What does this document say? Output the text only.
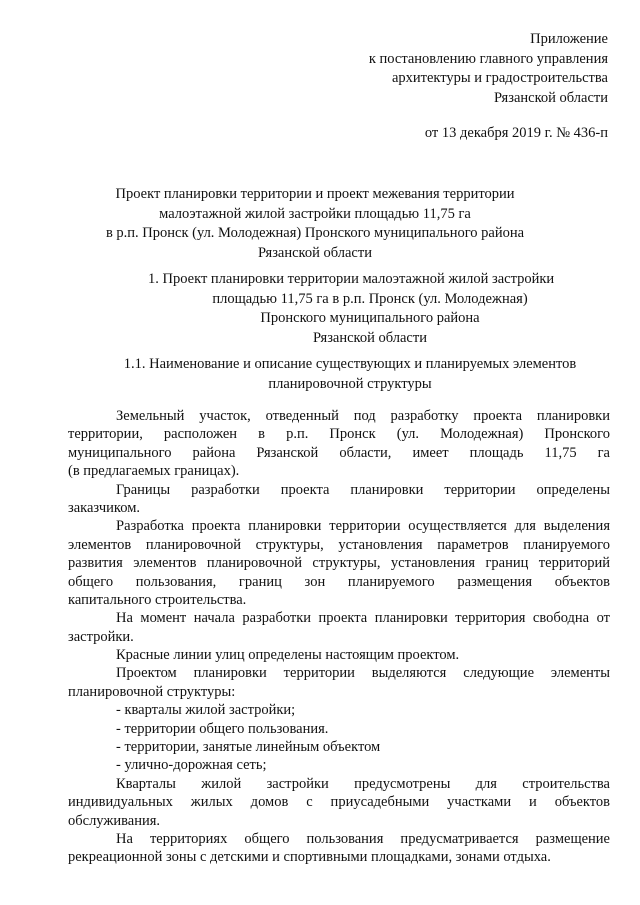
Приложение
к постановлению главного управления
архитектуры и градостроительства
Рязанской области
от 13 декабря 2019 г. № 436-п
Проект планировки территории и проект межевания территории
малоэтажной жилой застройки площадью 11,75 га
в р.п. Пронск (ул. Молодежная) Пронского муниципального района
Рязанской области
1. Проект планировки территории малоэтажной жилой застройки
площадью 11,75 га в р.п. Пронск (ул. Молодежная)
Пронского муниципального района
Рязанской области
1.1. Наименование и описание существующих и планируемых элементов
планировочной структуры
Земельный участок, отведенный под разработку проекта планировки
территории, расположен в р.п. Пронск (ул. Молодежная) Пронского
муниципального района Рязанской области, имеет площадь 11,75 га
(в предлагаемых границах).
Границы разработки проекта планировки территории определены
заказчиком.
Разработка проекта планировки территории осуществляется для выделения
элементов планировочной структуры, установления параметров планируемого
развития элементов планировочной структуры, установления границ территорий
общего пользования, границ зон планируемого размещения объектов
капитального строительства.
На момент начала разработки проекта планировки территория свободна от
застройки.
Красные линии улиц определены настоящим проектом.
Проектом планировки территории выделяются следующие элементы
планировочной структуры:
- кварталы жилой застройки;
- территории общего пользования.
- территории, занятые линейным объектом
- улично-дорожная сеть;
Кварталы жилой застройки предусмотрены для строительства
индивидуальных жилых домов с приусадебными участками и объектов
обслуживания.
На территориях общего пользования предусматривается размещение
рекреационной зоны с детскими и спортивными площадками, зонами отдыха.
